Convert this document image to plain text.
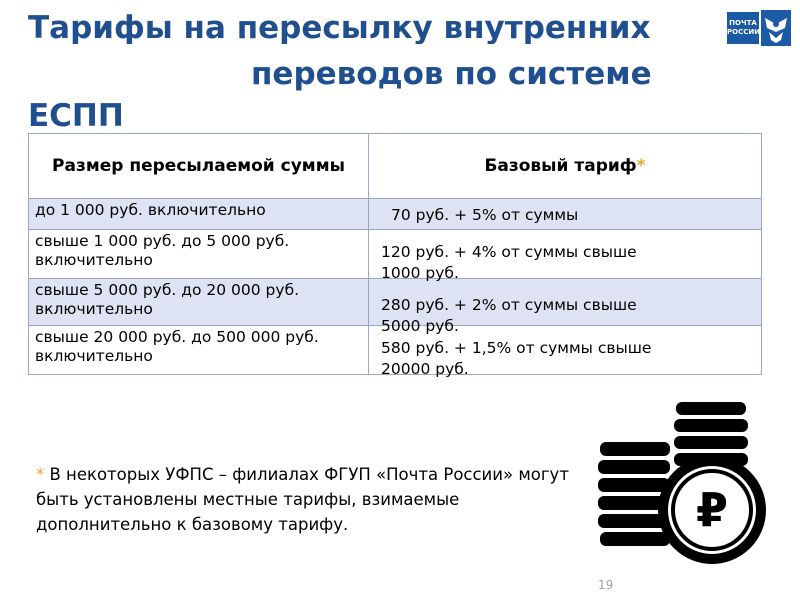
Тарифы на пересылку внутренних
переводов по системе
ЕСПП
ПОЧТА
РОССИИ
Размер пересылаемой суммы	Базовый тариф*

до 1 000 руб. включительно	70 руб. + 5% от суммы

свыше 1 000 руб. до 5 000 руб. включительно	120 руб. + 4% от суммы свыше
1000 руб.

свыше 5 000 руб. до 20 000 руб. включительно	280 руб. + 2% от суммы свыше
5000 руб.

свыше 20 000 руб. до 500 000 руб. включительно	580 руб. + 1,5% от суммы свыше
20000 руб.
* В некоторых УФПС – филиалах ФГУП «Почта России» могут быть установлены местные тарифы, взимаемые дополнительно к базовому тарифу.	₽
19
